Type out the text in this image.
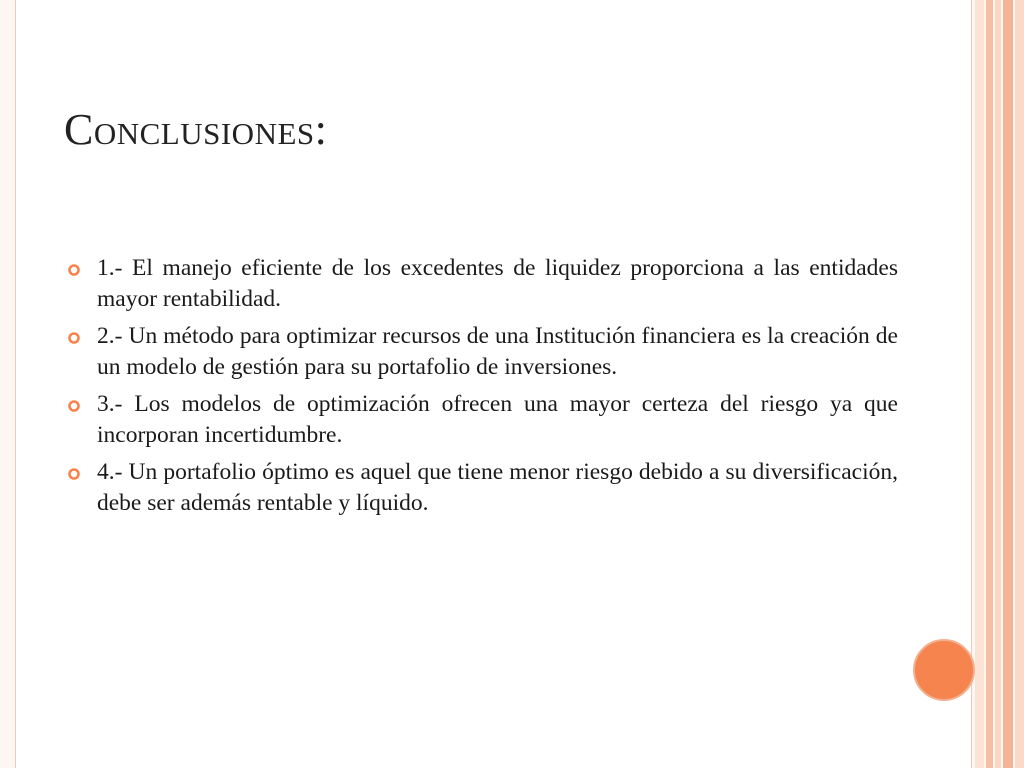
Conclusiones:
1.- El manejo eficiente de los excedentes de liquidez proporciona a las entidades mayor rentabilidad.
2.- Un método para optimizar recursos de una Institución financiera es la creación de un modelo de gestión para su portafolio de inversiones.
3.- Los modelos de optimización ofrecen una mayor certeza del riesgo ya que incorporan incertidumbre.
4.- Un portafolio óptimo es aquel que tiene menor riesgo debido a su diversificación, debe ser además rentable y líquido.
